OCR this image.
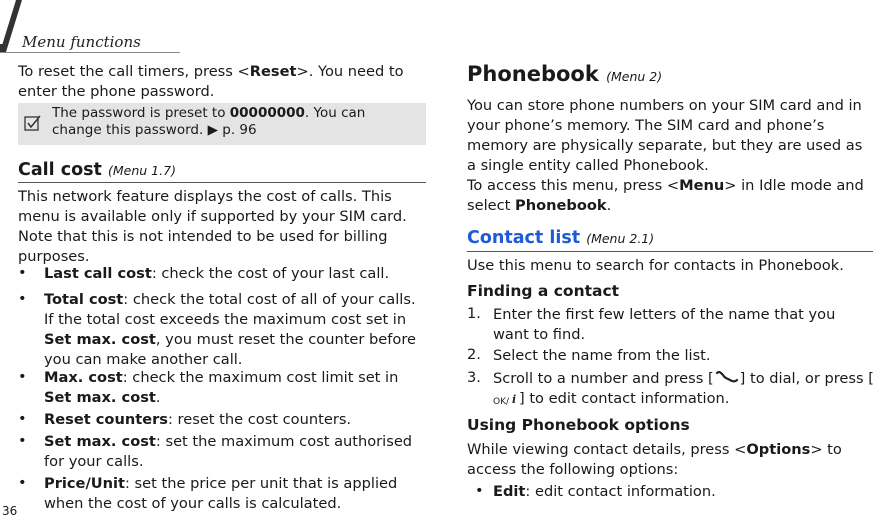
Menu functions

To reset the call timers, press <Reset>. You need to enter the phone password.

The password is preset to 00000000. You can change this password. ▶ p. 96
Call cost (Menu 1.7)

This network feature displays the cost of calls. This menu is available only if supported by your SIM card. Note that this is not intended to be used for billing purposes.

• Last call cost: check the cost of your last call.

• Total cost: check the total cost of all of your calls. If the total cost exceeds the maximum cost set in Set max. cost, you must reset the counter before you can make another call.

• Max. cost: check the maximum cost limit set in Set max. cost.

• Reset counters: reset the cost counters.

• Set max. cost: set the maximum cost authorised for your calls.

• Price/Unit: set the price per unit that is applied when the cost of your calls is calculated.

Phonebook (Menu 2)

You can store phone numbers on your SIM card and in your phone’s memory. The SIM card and phone’s memory are physically separate, but they are used as a single entity called Phonebook.

To access this menu, press <Menu> in Idle mode and select Phonebook.

Contact list (Menu 2.1)

Use this menu to search for contacts in Phonebook.

Finding a contact
1. Enter the first few letters of the name that you want to find.

2. Select the name from the list.

3. Scroll to a number and press [ ] to dial, or press [
OK/ i ] to edit contact information.

Using Phonebook options

While viewing contact details, press <Options> to access the following options:

• Edit: edit contact information.

36
